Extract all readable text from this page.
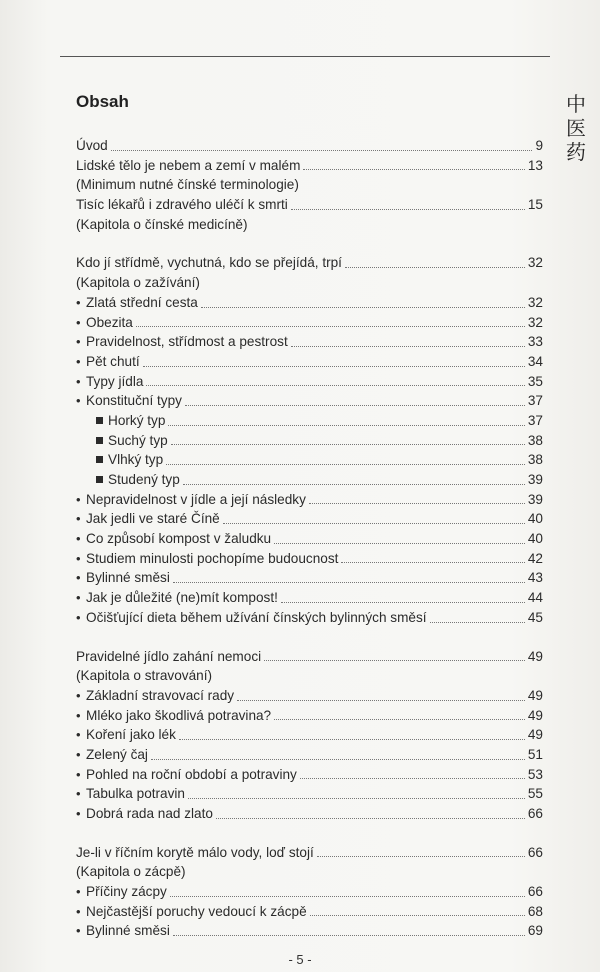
中
医
药
Obsah
Úvod	9
Lidské tělo je nebem a zemí v malém	13
(Minimum nutné čínské terminologie)
Tisíc lékařů i zdravého uléčí k smrti	15
(Kapitola o čínské medicíně)
Kdo jí střídmě, vychutná, kdo se přejídá, trpí	32
(Kapitola o zažívání)
• Zlatá střední cesta	32
• Obezita	32
• Pravidelnost, střídmost a pestrost	33
• Pět chutí	34
• Typy jídla	35
• Konstituční typy	37
Horký typ	37
Suchý typ	38
Vlhký typ	38
Studený typ	39
• Nepravidelnost v jídle a její následky	39
• Jak jedli ve staré Číně	40
• Co způsobí kompost v žaludku	40
• Studiem minulosti pochopíme budoucnost	42
• Bylinné směsi	43
• Jak je důležité (ne)mít kompost!	44
• Očišťující dieta během užívání čínských bylinných směsí	45
Pravidelné jídlo zahání nemoci	49
(Kapitola o stravování)
• Základní stravovací rady	49
• Mléko jako škodlivá potravina?	49
• Koření jako lék	49
• Zelený čaj	51
• Pohled na roční období a potraviny	53
• Tabulka potravin	55
• Dobrá rada nad zlato	66
Je-li v říčním korytě málo vody, loď stojí	66
(Kapitola o zácpě)
• Příčiny zácpy	66
• Nejčastější poruchy vedoucí k zácpě	68
• Bylinné směsi	69
- 5 -
